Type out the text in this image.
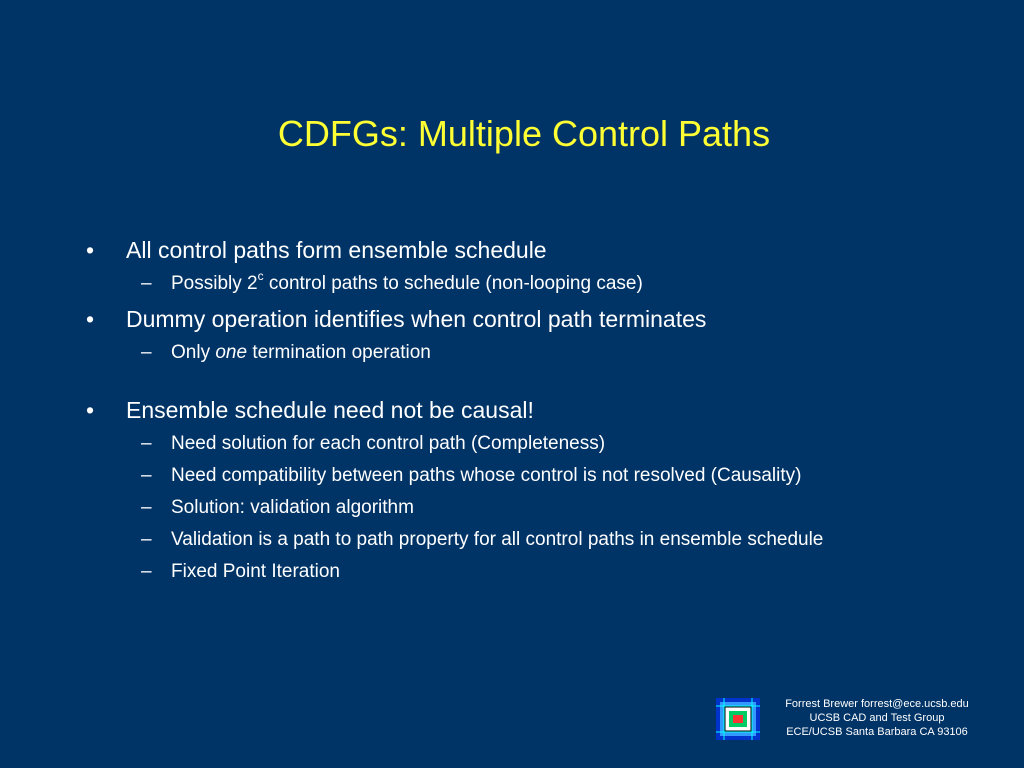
CDFGs: Multiple Control Paths
• All control paths form ensemble schedule
– Possibly 2$^c$ control paths to schedule (non-looping case)
• Dummy operation identifies when control path terminates
– Only one termination operation
• Ensemble schedule need not be causal!
– Need solution for each control path (Completeness)
– Need compatibility between paths whose control is not resolved (Causality)
– Solution: validation algorithm
– Validation is a path to path property for all control paths in ensemble schedule
– Fixed Point Iteration
Forrest Brewer forrest@ece.ucsb.edu
UCSB CAD and Test Group
ECE/UCSB Santa Barbara CA 93106
